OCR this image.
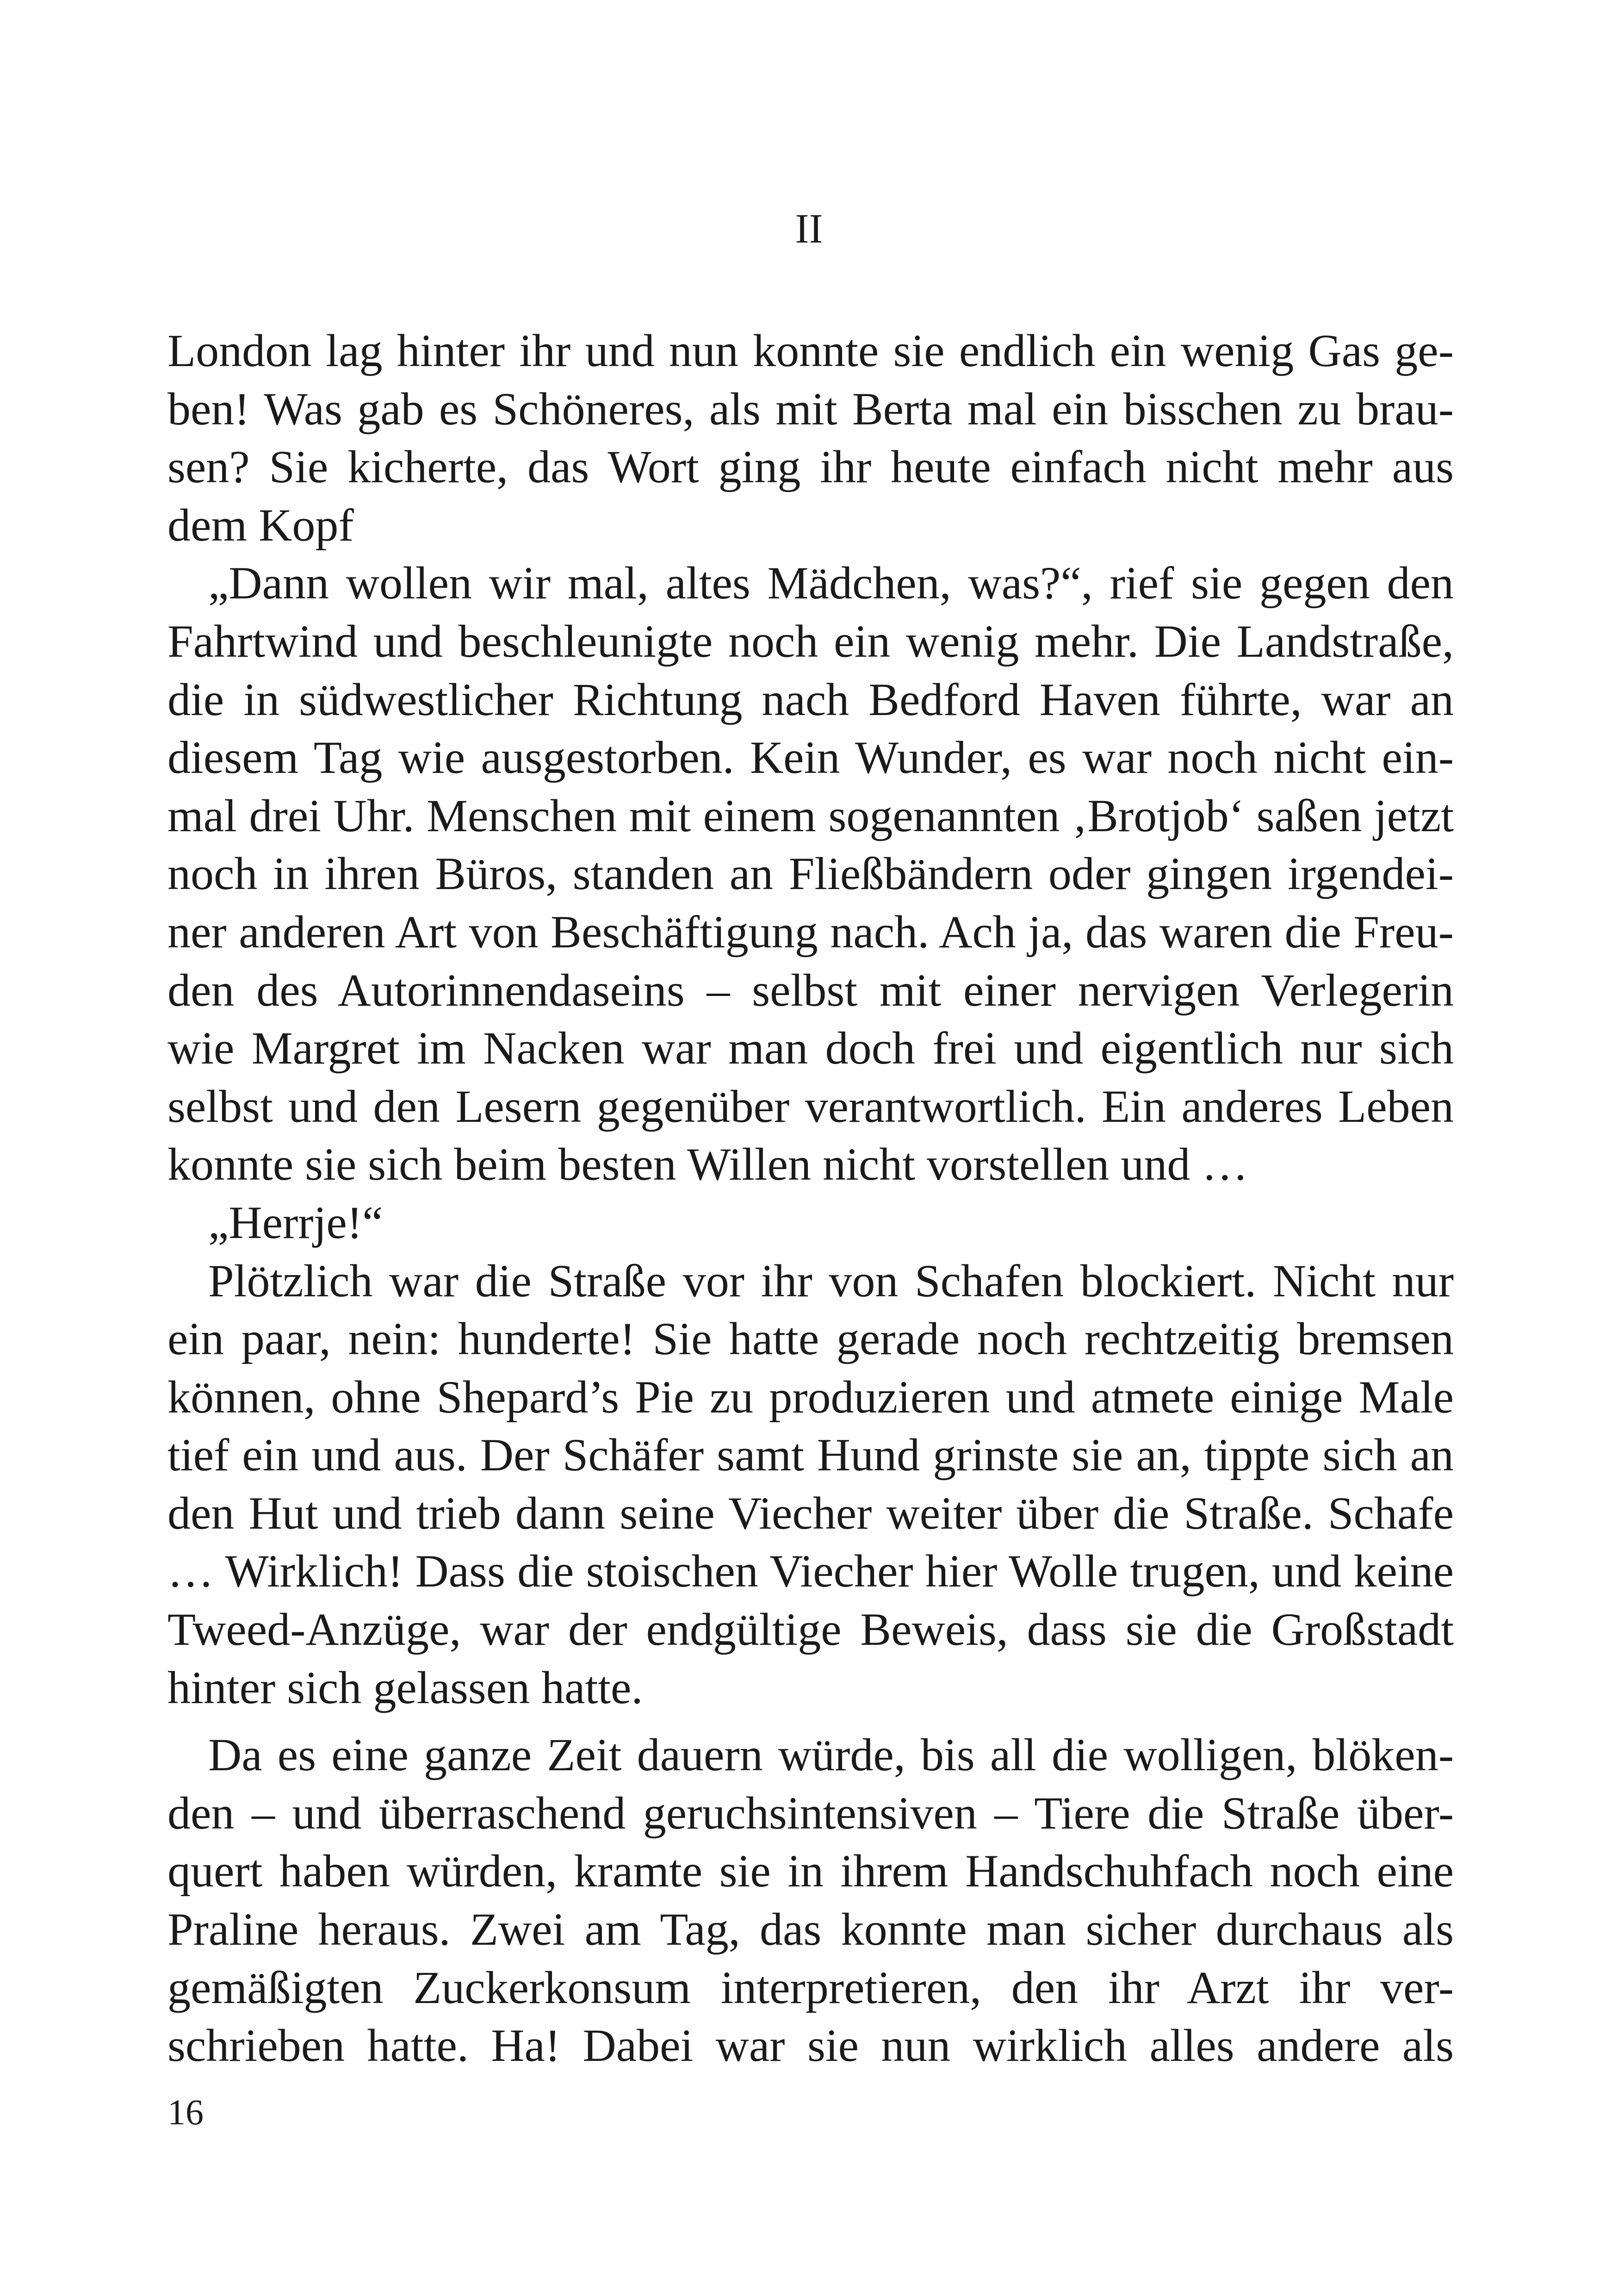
II
London lag hinter ihr und nun konnte sie endlich ein wenig Gas ge-
ben! Was gab es Schöneres, als mit Berta mal ein bisschen zu brau-
sen? Sie kicherte, das Wort ging ihr heute einfach nicht mehr aus
dem Kopf
„Dann wollen wir mal, altes Mädchen, was?“, rief sie gegen den
Fahrtwind und beschleunigte noch ein wenig mehr. Die Landstraße,
die in südwestlicher Richtung nach Bedford Haven führte, war an
diesem Tag wie ausgestorben. Kein Wunder, es war noch nicht ein-
mal drei Uhr. Menschen mit einem sogenannten ‚Brotjob‘ saßen jetzt
noch in ihren Büros, standen an Fließbändern oder gingen irgendei-
ner anderen Art von Beschäftigung nach. Ach ja, das waren die Freu-
den des Autorinnendaseins – selbst mit einer nervigen Verlegerin
wie Margret im Nacken war man doch frei und eigentlich nur sich
selbst und den Lesern gegenüber verantwortlich. Ein anderes Leben
konnte sie sich beim besten Willen nicht vorstellen und …
„Herrje!“
Plötzlich war die Straße vor ihr von Schafen blockiert. Nicht nur
ein paar, nein: hunderte! Sie hatte gerade noch rechtzeitig bremsen
können, ohne Shepard’s Pie zu produzieren und atmete einige Male
tief ein und aus. Der Schäfer samt Hund grinste sie an, tippte sich an
den Hut und trieb dann seine Viecher weiter über die Straße. Schafe
… Wirklich! Dass die stoischen Viecher hier Wolle trugen, und keine
Tweed-Anzüge, war der endgültige Beweis, dass sie die Großstadt
hinter sich gelassen hatte.
Da es eine ganze Zeit dauern würde, bis all die wolligen, blöken-
den – und überraschend geruchsintensiven – Tiere die Straße über-
quert haben würden, kramte sie in ihrem Handschuhfach noch eine
Praline heraus. Zwei am Tag, das konnte man sicher durchaus als
gemäßigten Zuckerkonsum interpretieren, den ihr Arzt ihr ver-
schrieben hatte. Ha! Dabei war sie nun wirklich alles andere als
16
